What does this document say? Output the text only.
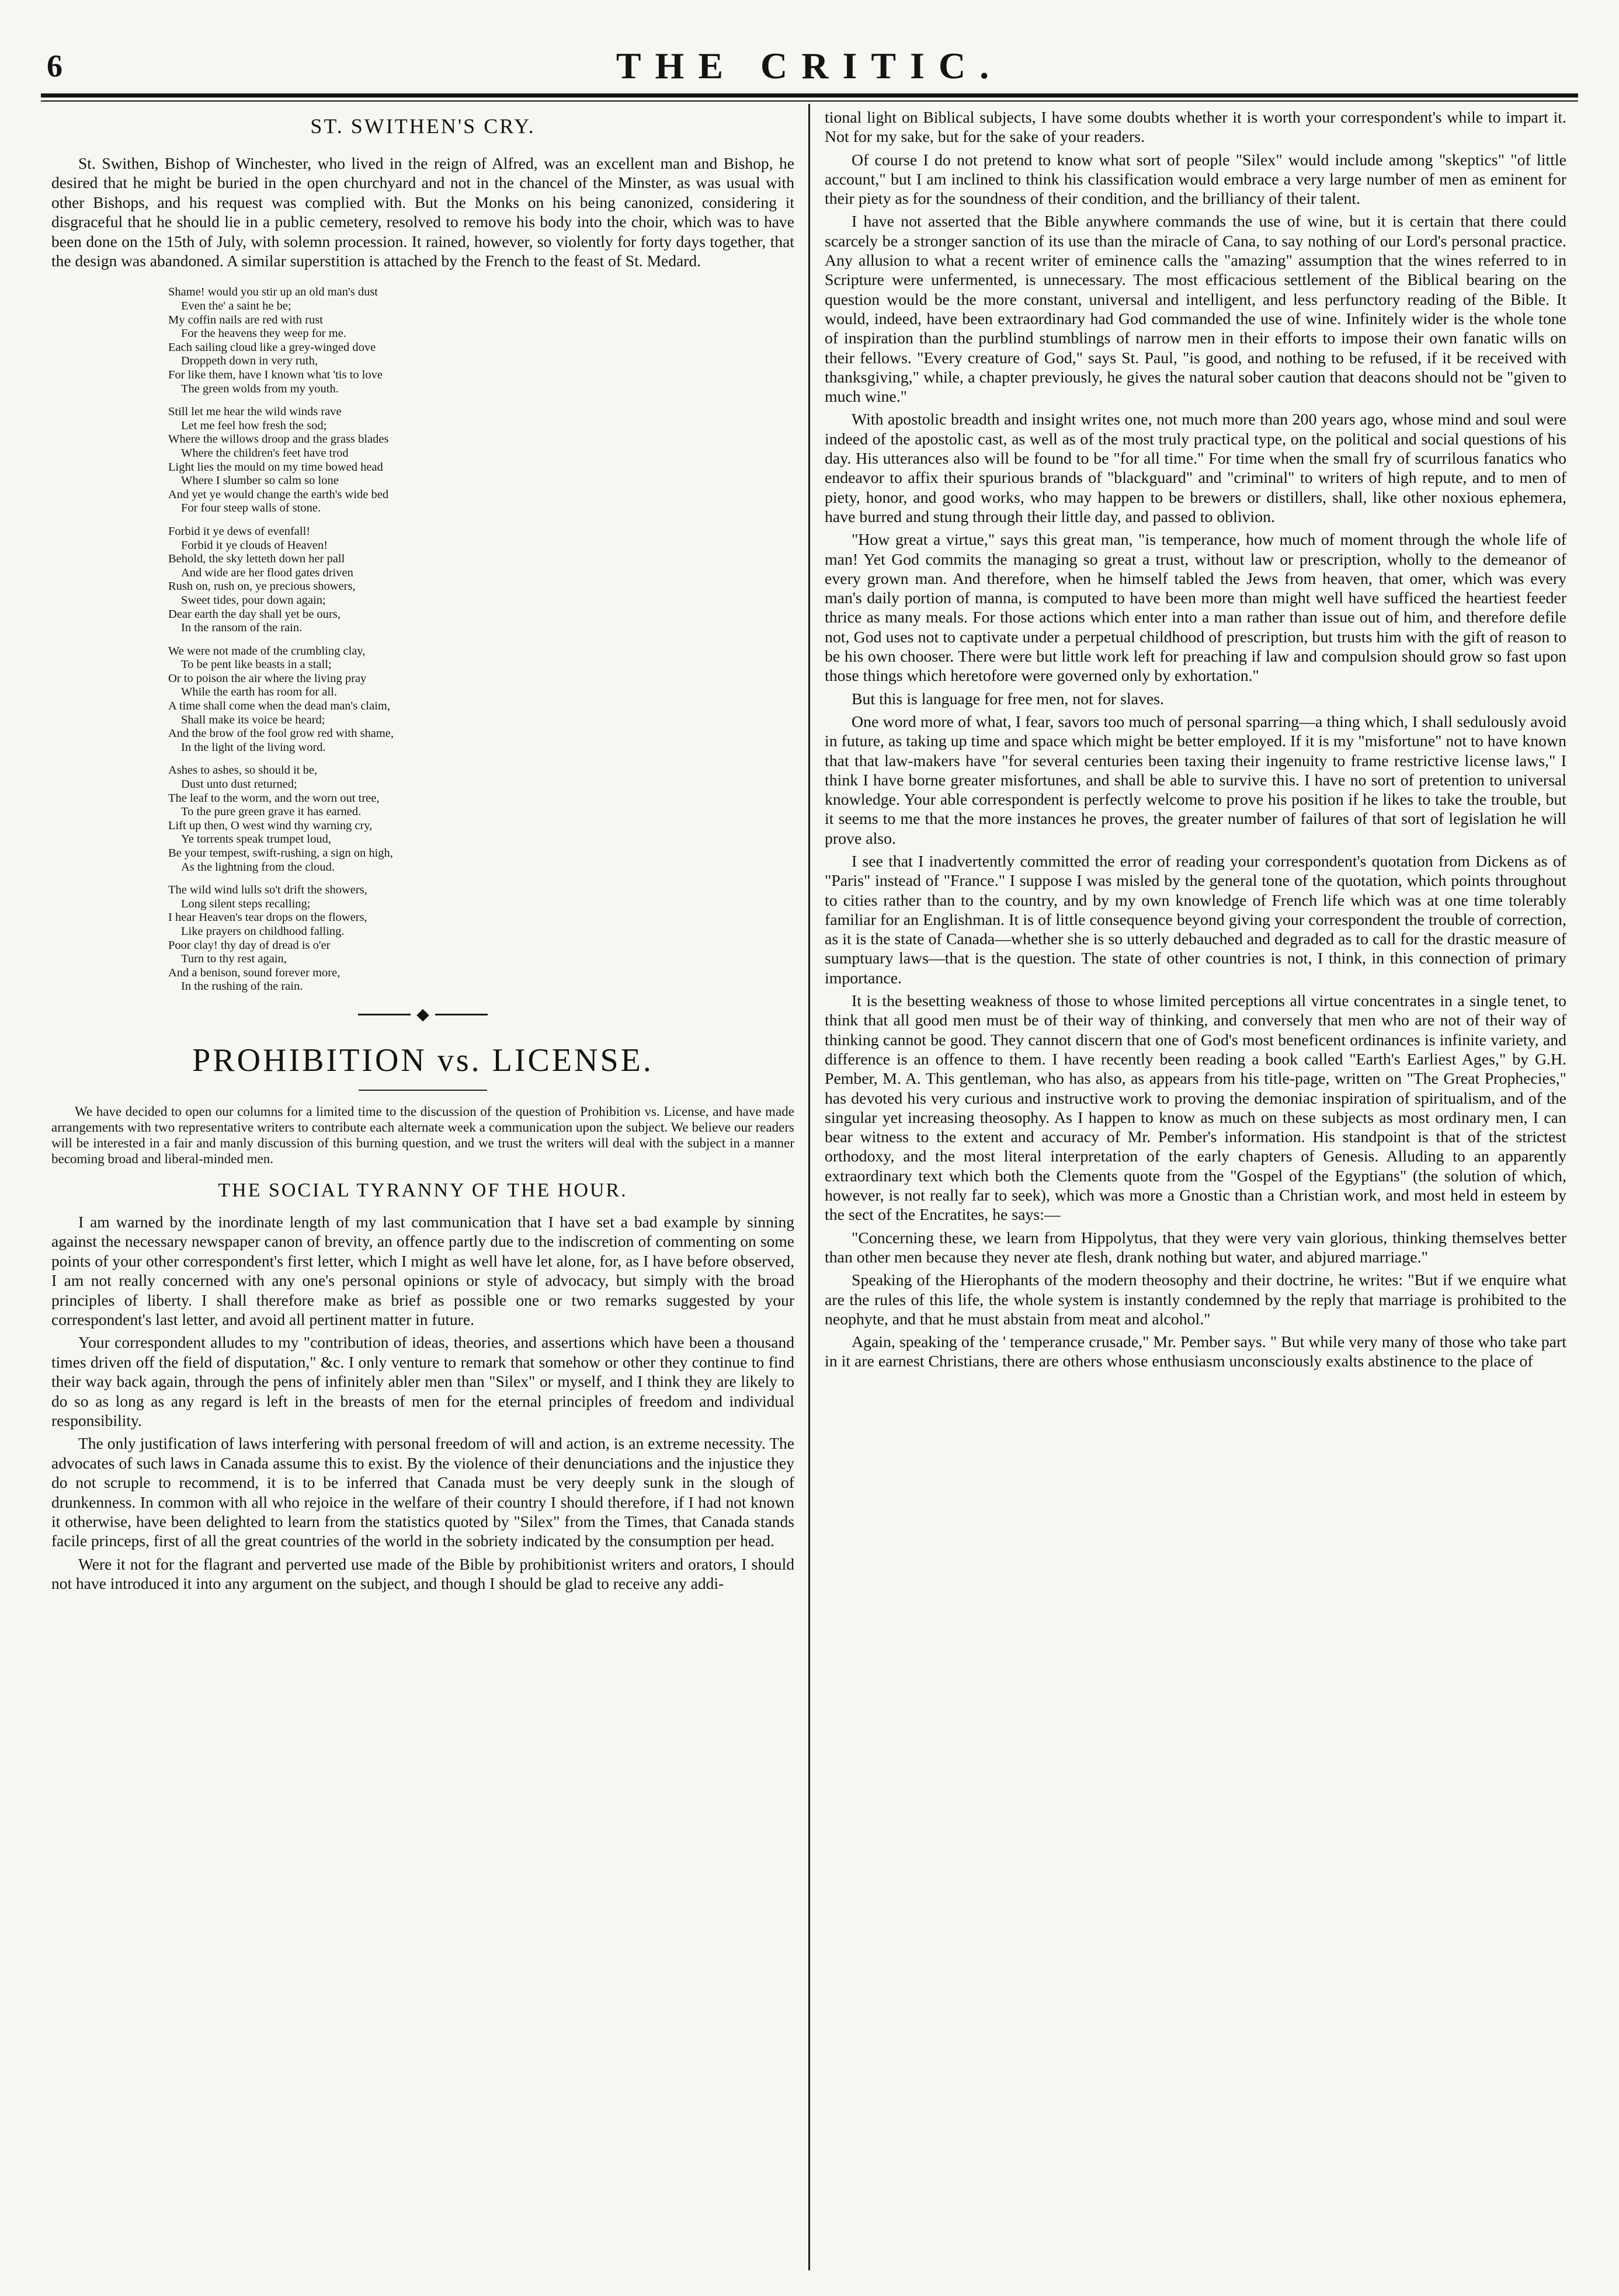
6	THE CRITIC.
ST. SWITHEN'S CRY.

St. Swithen, Bishop of Winchester, who lived in the reign of Alfred, was an excellent man and Bishop, he desired that he might be buried in the open churchyard and not in the chancel of the Minster, as was usual with other Bishops, and his request was complied with. But the Monks on his being canonized, considering it disgraceful that he should lie in a public cemetery, resolved to remove his body into the choir, which was to have been done on the 15th of July, with solemn procession. It rained, however, so violently for forty days together, that the design was abandoned. A similar superstition is attached by the French to the feast of St. Medard.

Shame! would you stir up an old man's dust
Even the' a saint he be;
My coffin nails are red with rust
For the heavens they weep for me.
Each sailing cloud like a grey-winged dove
Droppeth down in very ruth,
For like them, have I known what 'tis to love
The green wolds from my youth.
Still let me hear the wild winds rave
Let me feel how fresh the sod;
Where the willows droop and the grass blades
Where the children's feet have trod
Light lies the mould on my time bowed head
Where I slumber so calm so lone
And yet ye would change the earth's wide bed
For four steep walls of stone.
Forbid it ye dews of evenfall!
Forbid it ye clouds of Heaven!
Behold, the sky letteth down her pall
And wide are her flood gates driven
Rush on, rush on, ye precious showers,
Sweet tides, pour down again;
Dear earth the day shall yet be ours,
In the ransom of the rain.
We were not made of the crumbling clay,
To be pent like beasts in a stall;
Or to poison the air where the living pray
While the earth has room for all.
A time shall come when the dead man's claim,
Shall make its voice be heard;
And the brow of the fool grow red with shame,
In the light of the living word.
Ashes to ashes, so should it be,
Dust unto dust returned;
The leaf to the worm, and the worn out tree,
To the pure green grave it has earned.
Lift up then, O west wind thy warning cry,
Ye torrents speak trumpet loud,
Be your tempest, swift-rushing, a sign on high,
As the lightning from the cloud.
The wild wind lulls so't drift the showers,
Long silent steps recalling;
I hear Heaven's tear drops on the flowers,
Like prayers on childhood falling.
Poor clay! thy day of dread is o'er
Turn to thy rest again,
And a benison, sound forever more,
In the rushing of the rain.
◆
PROHIBITION vs. LICENSE.

We have decided to open our columns for a limited time to the discussion of the question of Prohibition vs. License, and have made arrangements with two representative writers to contribute each alternate week a communication upon the subject. We believe our readers will be interested in a fair and manly discussion of this burning question, and we trust the writers will deal with the subject in a manner becoming broad and liberal-minded men.

THE SOCIAL TYRANNY OF THE HOUR.

I am warned by the inordinate length of my last communication that I have set a bad example by sinning against the necessary newspaper canon of brevity, an offence partly due to the indiscretion of commenting on some points of your other correspondent's first letter, which I might as well have let alone, for, as I have before observed, I am not really concerned with any one's personal opinions or style of advocacy, but simply with the broad principles of liberty. I shall therefore make as brief as possible one or two remarks suggested by your correspondent's last letter, and avoid all pertinent matter in future.

Your correspondent alludes to my "contribution of ideas, theories, and assertions which have been a thousand times driven off the field of disputation," &c. I only venture to remark that somehow or other they continue to find their way back again, through the pens of infinitely abler men than "Silex" or myself, and I think they are likely to do so as long as any regard is left in the breasts of men for the eternal principles of freedom and individual responsibility.

The only justification of laws interfering with personal freedom of will and action, is an extreme necessity. The advocates of such laws in Canada assume this to exist. By the violence of their denunciations and the injustice they do not scruple to recommend, it is to be inferred that Canada must be very deeply sunk in the slough of drunkenness. In common with all who rejoice in the welfare of their country I should therefore, if I had not known it otherwise, have been delighted to learn from the statistics quoted by "Silex" from the Times, that Canada stands facile princeps, first of all the great countries of the world in the sobriety indicated by the consumption per head.

Were it not for the flagrant and perverted use made of the Bible by prohibitionist writers and orators, I should not have introduced it into any argument on the subject, and though I should be glad to receive any addi-

tional light on Biblical subjects, I have some doubts whether it is worth your correspondent's while to impart it. Not for my sake, but for the sake of your readers.

Of course I do not pretend to know what sort of people "Silex" would include among "skeptics" "of little account," but I am inclined to think his classification would embrace a very large number of men as eminent for their piety as for the soundness of their condition, and the brilliancy of their talent.

I have not asserted that the Bible anywhere commands the use of wine, but it is certain that there could scarcely be a stronger sanction of its use than the miracle of Cana, to say nothing of our Lord's personal practice. Any allusion to what a recent writer of eminence calls the "amazing" assumption that the wines referred to in Scripture were unfermented, is unnecessary. The most efficacious settlement of the Biblical bearing on the question would be the more constant, universal and intelligent, and less perfunctory reading of the Bible. It would, indeed, have been extraordinary had God commanded the use of wine. Infinitely wider is the whole tone of inspiration than the purblind stumblings of narrow men in their efforts to impose their own fanatic wills on their fellows. "Every creature of God," says St. Paul, "is good, and nothing to be refused, if it be received with thanksgiving," while, a chapter previously, he gives the natural sober caution that deacons should not be "given to much wine."

With apostolic breadth and insight writes one, not much more than 200 years ago, whose mind and soul were indeed of the apostolic cast, as well as of the most truly practical type, on the political and social questions of his day. His utterances also will be found to be "for all time." For time when the small fry of scurrilous fanatics who endeavor to affix their spurious brands of "blackguard" and "criminal" to writers of high repute, and to men of piety, honor, and good works, who may happen to be brewers or distillers, shall, like other noxious ephemera, have burred and stung through their little day, and passed to oblivion.

"How great a virtue," says this great man, "is temperance, how much of moment through the whole life of man! Yet God commits the managing so great a trust, without law or prescription, wholly to the demeanor of every grown man. And therefore, when he himself tabled the Jews from heaven, that omer, which was every man's daily portion of manna, is computed to have been more than might well have sufficed the heartiest feeder thrice as many meals. For those actions which enter into a man rather than issue out of him, and therefore defile not, God uses not to captivate under a perpetual childhood of prescription, but trusts him with the gift of reason to be his own chooser. There were but little work left for preaching if law and compulsion should grow so fast upon those things which heretofore were governed only by exhortation."

But this is language for free men, not for slaves.

One word more of what, I fear, savors too much of personal sparring—a thing which, I shall sedulously avoid in future, as taking up time and space which might be better employed. If it is my "misfortune" not to have known that that law-makers have "for several centuries been taxing their ingenuity to frame restrictive license laws," I think I have borne greater misfortunes, and shall be able to survive this. I have no sort of pretention to universal knowledge. Your able correspondent is perfectly welcome to prove his position if he likes to take the trouble, but it seems to me that the more instances he proves, the greater number of failures of that sort of legislation he will prove also.

I see that I inadvertently committed the error of reading your correspondent's quotation from Dickens as of "Paris" instead of "France." I suppose I was misled by the general tone of the quotation, which points throughout to cities rather than to the country, and by my own knowledge of French life which was at one time tolerably familiar for an Englishman. It is of little consequence beyond giving your correspondent the trouble of correction, as it is the state of Canada—whether she is so utterly debauched and degraded as to call for the drastic measure of sumptuary laws—that is the question. The state of other countries is not, I think, in this connection of primary importance.

It is the besetting weakness of those to whose limited perceptions all virtue concentrates in a single tenet, to think that all good men must be of their way of thinking, and conversely that men who are not of their way of thinking cannot be good. They cannot discern that one of God's most beneficent ordinances is infinite variety, and difference is an offence to them. I have recently been reading a book called "Earth's Earliest Ages," by G.H. Pember, M. A. This gentleman, who has also, as appears from his title-page, written on "The Great Prophecies," has devoted his very curious and instructive work to proving the demoniac inspiration of spiritualism, and of the singular yet increasing theosophy. As I happen to know as much on these subjects as most ordinary men, I can bear witness to the extent and accuracy of Mr. Pember's information. His standpoint is that of the strictest orthodoxy, and the most literal interpretation of the early chapters of Genesis. Alluding to an apparently extraordinary text which both the Clements quote from the "Gospel of the Egyptians" (the solution of which, however, is not really far to seek), which was more a Gnostic than a Christian work, and most held in esteem by the sect of the Encratites, he says:—

"Concerning these, we learn from Hippolytus, that they were very vain glorious, thinking themselves better than other men because they never ate flesh, drank nothing but water, and abjured marriage."

Speaking of the Hierophants of the modern theosophy and their doctrine, he writes: "But if we enquire what are the rules of this life, the whole system is instantly condemned by the reply that marriage is prohibited to the neophyte, and that he must abstain from meat and alcohol."

Again, speaking of the ' temperance crusade," Mr. Pember says. " But while very many of those who take part in it are earnest Christians, there are others whose enthusiasm unconsciously exalts abstinence to the place of
